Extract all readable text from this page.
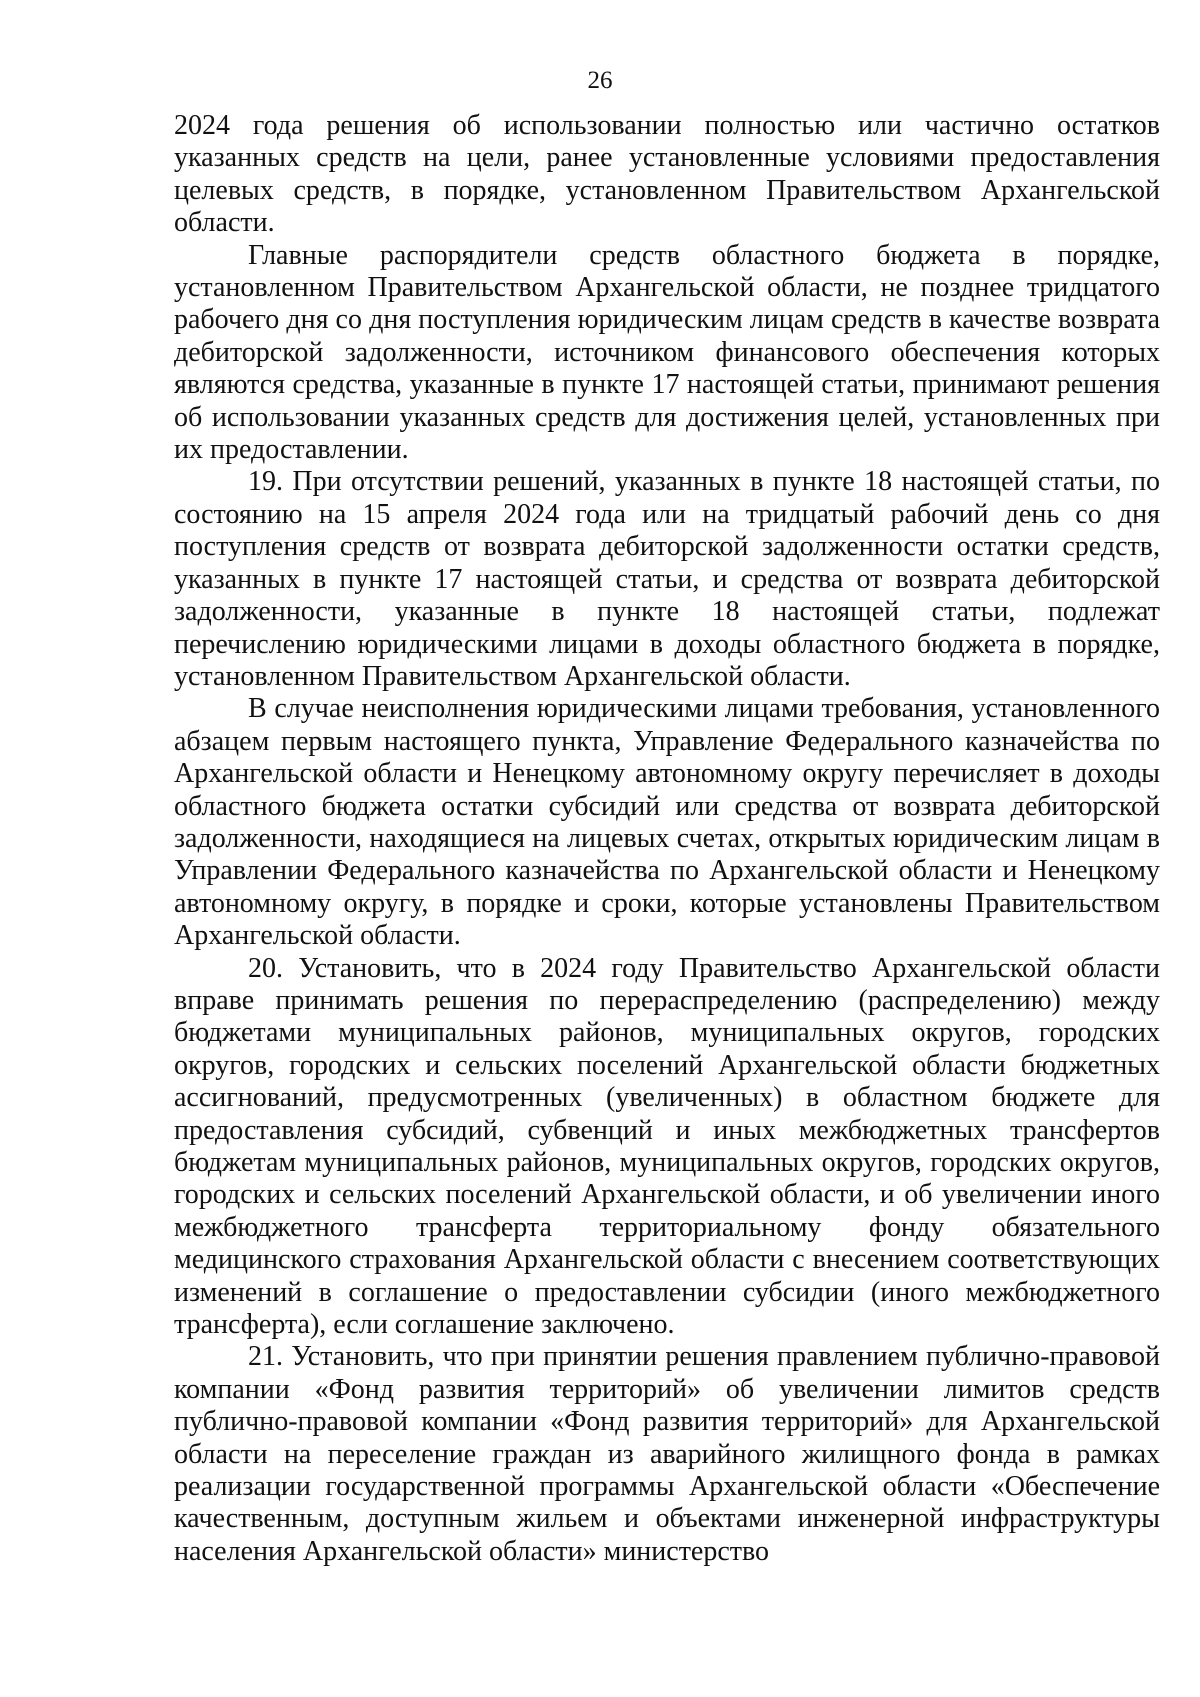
26

2024 года решения об использовании полностью или частично остатков указанных средств на цели, ранее установленные условиями предоставления целевых средств, в порядке, установленном Правительством Архангельской области.

Главные распорядители средств областного бюджета в порядке, установленном Правительством Архангельской области, не позднее тридцатого рабочего дня со дня поступления юридическим лицам средств в качестве возврата дебиторской задолженности, источником финансового обеспечения которых являются средства, указанные в пункте 17 настоящей статьи, принимают решения об использовании указанных средств для достижения целей, установленных при их предоставлении.

19. При отсутствии решений, указанных в пункте 18 настоящей статьи, по состоянию на 15 апреля 2024 года или на тридцатый рабочий день со дня поступления средств от возврата дебиторской задолженности остатки средств, указанных в пункте 17 настоящей статьи, и средства от возврата дебиторской задолженности, указанные в пункте 18 настоящей статьи, подлежат перечислению юридическими лицами в доходы областного бюджета в порядке, установленном Правительством Архангельской области.

В случае неисполнения юридическими лицами требования, установленного абзацем первым настоящего пункта, Управление Федерального казначейства по Архангельской области и Ненецкому автономному округу перечисляет в доходы областного бюджета остатки субсидий или средства от возврата дебиторской задолженности, находящиеся на лицевых счетах, открытых юридическим лицам в Управлении Федерального казначейства по Архангельской области и Ненецкому автономному округу, в порядке и сроки, которые установлены Правительством Архангельской области.

20. Установить, что в 2024 году Правительство Архангельской области вправе принимать решения по перераспределению (распределению) между бюджетами муниципальных районов, муниципальных округов, городских округов, городских и сельских поселений Архангельской области бюджетных ассигнований, предусмотренных (увеличенных) в областном бюджете для предоставления субсидий, субвенций и иных межбюджетных трансфертов бюджетам муниципальных районов, муниципальных округов, городских округов, городских и сельских поселений Архангельской области, и об увеличении иного межбюджетного трансферта территориальному фонду обязательного медицинского страхования Архангельской области с внесением соответствующих изменений в соглашение о предоставлении субсидии (иного межбюджетного трансферта), если соглашение заключено.

21. Установить, что при принятии решения правлением публично-правовой компании «Фонд развития территорий» об увеличении лимитов средств публично-правовой компании «Фонд развития территорий» для Архангельской области на переселение граждан из аварийного жилищного фонда в рамках реализации государственной программы Архангельской области «Обеспечение качественным, доступным жильем и объектами инженерной инфраструктуры населения Архангельской области» министерство
